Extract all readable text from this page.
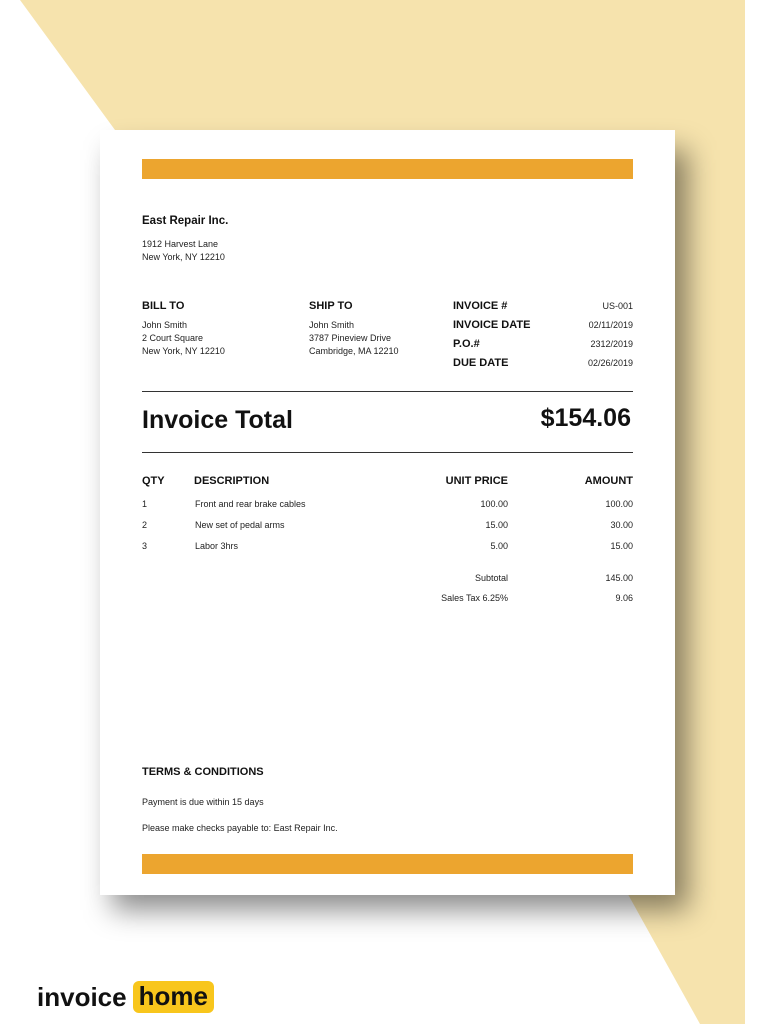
East Repair Inc.
1912 Harvest Lane
New York, NY 12210
BILL TO
John Smith
2 Court Square
New York, NY 12210
SHIP TO
John Smith
3787 Pineview Drive
Cambridge, MA 12210
INVOICE #	US-001
INVOICE DATE	02/11/2019
P.O.#	2312/2019
DUE DATE	02/26/2019
Invoice Total	$154.06
QTY	DESCRIPTION	UNIT PRICE	AMOUNT
1	Front and rear brake cables	100.00	100.00
2	New set of pedal arms	15.00	30.00
3	Labor 3hrs	5.00	15.00
Subtotal	145.00
Sales Tax 6.25%	9.06
TERMS & CONDITIONS
Payment is due within 15 days
Please make checks payable to: East Repair Inc.
invoice home
